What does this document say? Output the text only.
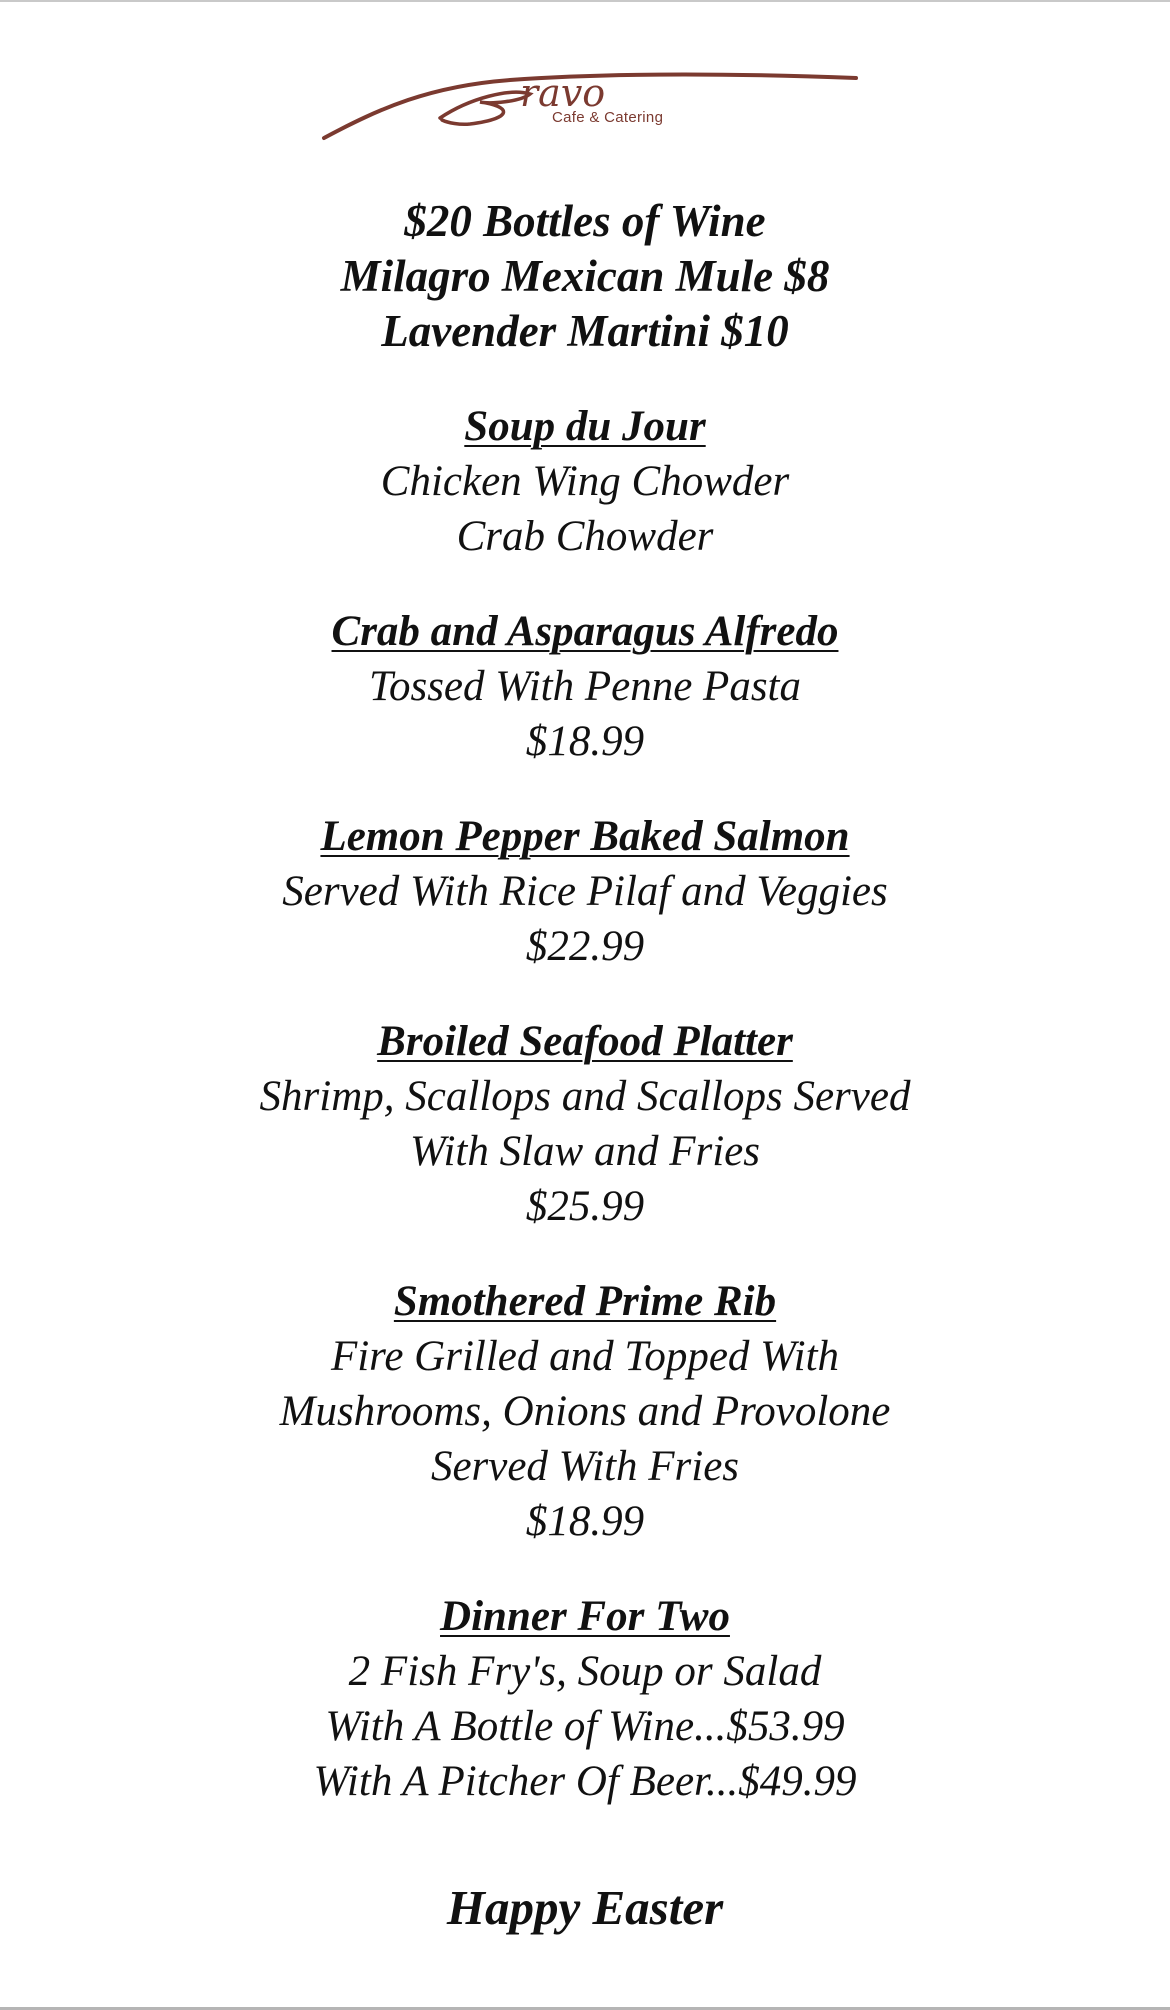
ravo
Cafe & Catering
$20 Bottles of Wine
Milagro Mexican Mule $8
Lavender Martini $10
Soup du Jour
Chicken Wing Chowder
Crab Chowder
Crab and Asparagus Alfredo
Tossed With Penne Pasta
$18.99
Lemon Pepper Baked Salmon
Served With Rice Pilaf and Veggies
$22.99
Broiled Seafood Platter
Shrimp, Scallops and Scallops Served
With Slaw and Fries
$25.99
Smothered Prime Rib
Fire Grilled and Topped With
Mushrooms, Onions and Provolone
Served With Fries
$18.99
Dinner For Two
2 Fish Fry's, Soup or Salad
With A Bottle of Wine...$53.99
With A Pitcher Of Beer...$49.99
Happy Easter
